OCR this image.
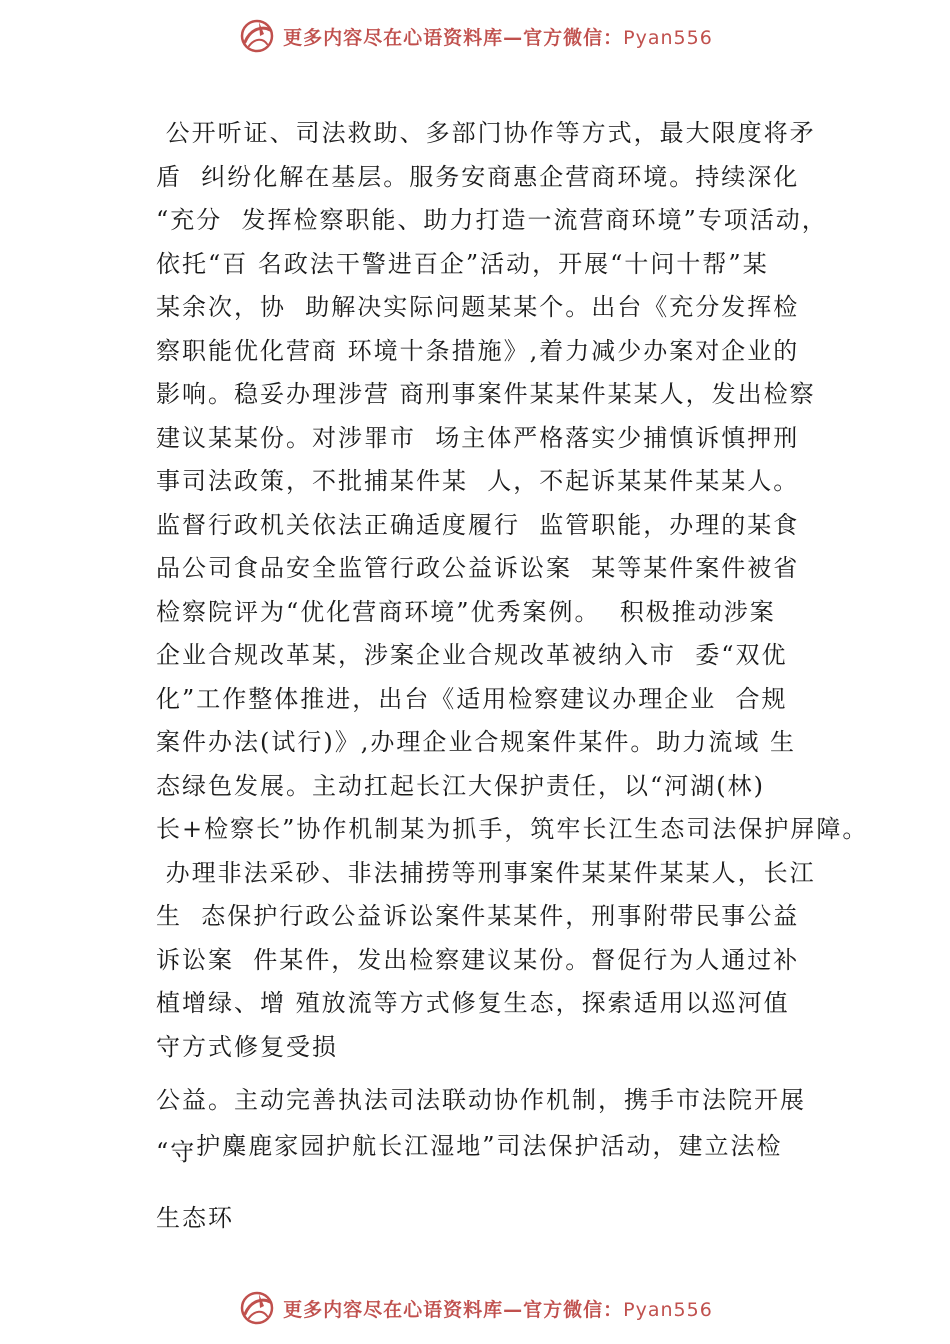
更多内容尽在心语资料库—官方微信：Pyan556
公开听证、司法救助、多部门协作等方式，最大限度将矛
盾  纠纷化解在基层。服务安商惠企营商环境。持续深化
“充分  发挥检察职能、助力打造一流营商环境”专项活动，
依托“百 名政法干警进百企”活动，开展“十问十帮”某
某余次，协  助解决实际问题某某个。出台《充分发挥检
察职能优化营商 环境十条措施》,着力减少办案对企业的
影响。稳妥办理涉营 商刑事案件某某件某某人，发出检察
建议某某份。对涉罪市  场主体严格落实少捕慎诉慎押刑
事司法政策，不批捕某件某  人，不起诉某某件某某人。
监督行政机关依法正确适度履行  监管职能，办理的某食
品公司食品安全监管行政公益诉讼案  某等某件案件被省
检察院评为“优化营商环境”优秀案例。  积极推动涉案
企业合规改革某，涉案企业合规改革被纳入市  委“双优
化”工作整体推进，出台《适用检察建议办理企业  合规
案件办法(试行)》,办理企业合规案件某件。助力流域 生
态绿色发展。主动扛起长江大保护责任，以“河湖(林)
长+检察长”协作机制某为抓手，筑牢长江生态司法保护屏障。
办理非法采砂、非法捕捞等刑事案件某某件某某人，长江
生  态保护行政公益诉讼案件某某件，刑事附带民事公益
诉讼案  件某件，发出检察建议某份。督促行为人通过补
植增绿、增 殖放流等方式修复生态，探索适用以巡河值
守方式修复受损
公益。主动完善执法司法联动协作机制，携手市法院开展
“守护麋鹿家园护航长江湿地”司法保护活动，建立法检
生态环
更多内容尽在心语资料库—官方微信：Pyan556
